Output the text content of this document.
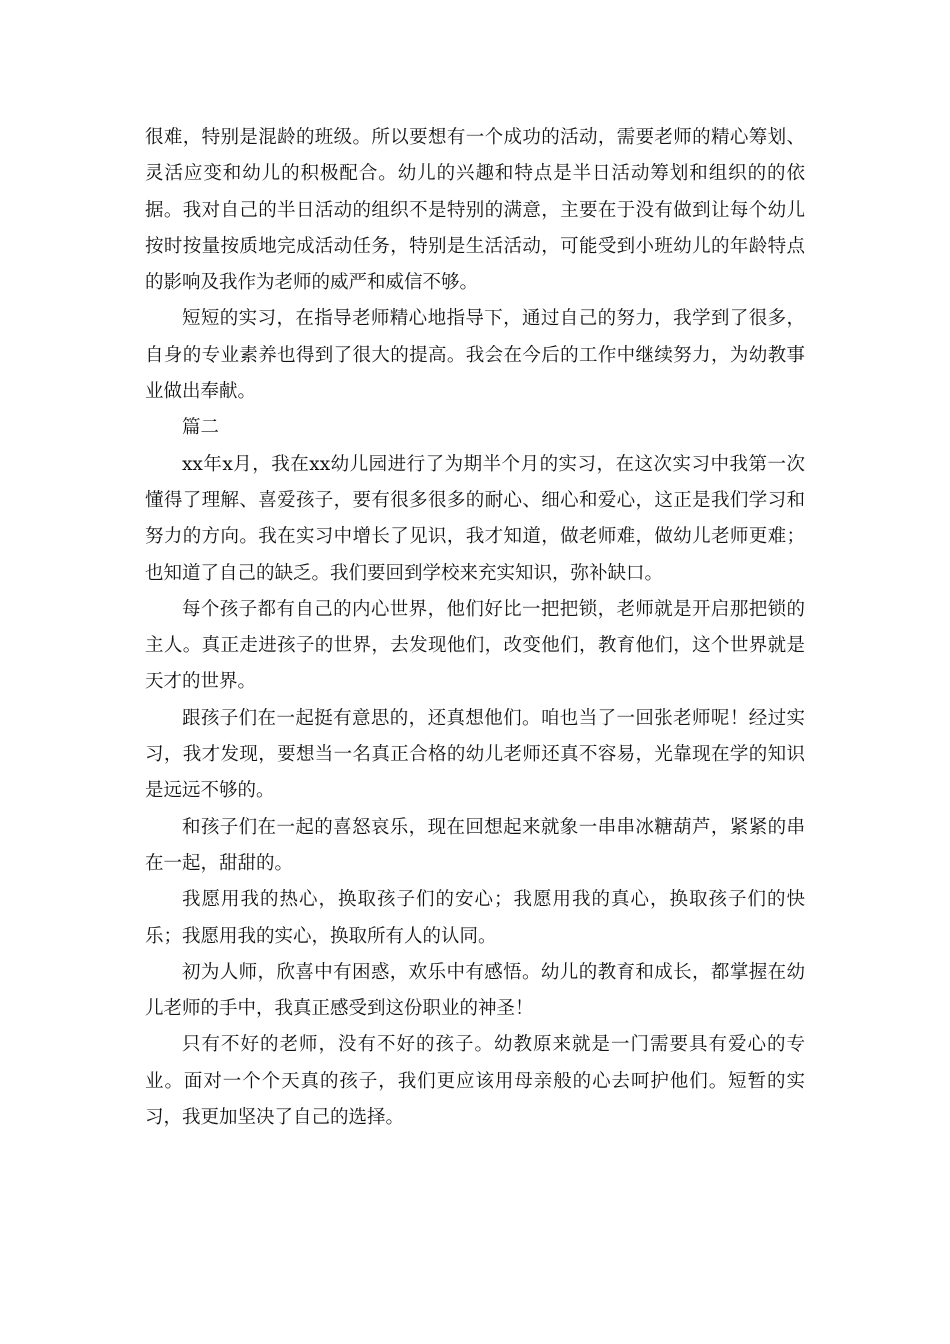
很难，特别是混龄的班级。所以要想有一个成功的活动，需要老师的精心筹划、灵活应变和幼儿的积极配合。幼儿的兴趣和特点是半日活动筹划和组织的的依据。我对自己的半日活动的组织不是特别的满意，主要在于没有做到让每个幼儿按时按量按质地完成活动任务，特别是生活活动，可能受到小班幼儿的年龄特点的影响及我作为老师的威严和威信不够。

短短的实习，在指导老师精心地指导下，通过自己的努力，我学到了很多，自身的专业素养也得到了很大的提高。我会在今后的工作中继续努力，为幼教事业做出奉献。

篇二

xx年x月，我在xx幼儿园进行了为期半个月的实习，在这次实习中我第一次懂得了理解、喜爱孩子，要有很多很多的耐心、细心和爱心，这正是我们学习和努力的方向。我在实习中增长了见识，我才知道，做老师难，做幼儿老师更难；也知道了自己的缺乏。我们要回到学校来充实知识，弥补缺口。

每个孩子都有自己的内心世界，他们好比一把把锁，老师就是开启那把锁的主人。真正走进孩子的世界，去发现他们，改变他们，教育他们，这个世界就是天才的世界。

跟孩子们在一起挺有意思的，还真想他们。咱也当了一回张老师呢！经过实习，我才发现，要想当一名真正合格的幼儿老师还真不容易，光靠现在学的知识是远远不够的。

和孩子们在一起的喜怒哀乐，现在回想起来就象一串串冰糖葫芦，紧紧的串在一起，甜甜的。

我愿用我的热心，换取孩子们的安心；我愿用我的真心，换取孩子们的快乐；我愿用我的实心，换取所有人的认同。

初为人师，欣喜中有困惑，欢乐中有感悟。幼儿的教育和成长，都掌握在幼儿老师的手中，我真正感受到这份职业的神圣！

只有不好的老师，没有不好的孩子。幼教原来就是一门需要具有爱心的专业。面对一个个天真的孩子，我们更应该用母亲般的心去呵护他们。短暂的实习，我更加坚决了自己的选择。
